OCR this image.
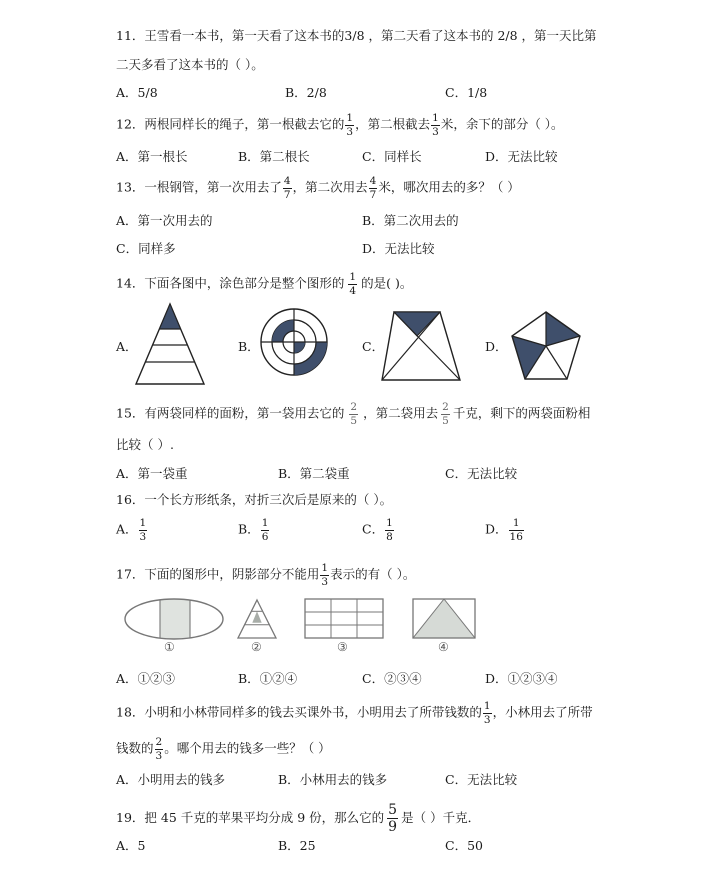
11．王雪看一本书，第一天看了这本书的3/8 ，第二天看了这本书的 2/8 ，第一天比第
二天多看了这本书的（ ）。
A．5/8	B．2/8	C．1/8
12．两根同样长的绳子，第一根截去它的 $\frac{1}{3}$ ，第二根截去 $\frac{1}{3}$ 米，余下的部分（ ）。
A．第一根长	B．第二根长	C．同样长	D．无法比较
13．一根钢管，第一次用去了 $\frac{4}{7}$ ，第二次用去 $\frac{4}{7}$ 米，哪次用去的多？（ ）
A．第一次用去的	B．第二次用去的
C．同样多	D．无法比较
14．下面各图中，涂色部分是整个图形的 $\frac{1}{4}$ 的是( )。
A．	B．	C．	D．
15．有两袋同样的面粉，第一袋用去它的 $\frac{2}{5}$ ，第二袋用去 $\frac{2}{5}$ 千克，剩下的两袋面粉相
比较（ ）.
A．第一袋重	B．第二袋重	C．无法比较
16．一个长方形纸条，对折三次后是原来的（ ）。
A． $\frac{1}{3}$	B． $\frac{1}{6}$	C． $\frac{1}{8}$	D． $\frac{1}{16}$
17．下面的图形中，阴影部分不能用 $\frac{1}{3}$ 表示的有（ ）。
①	②	③	④
A．①②③	B．①②④	C．②③④	D．①②③④
18．小明和小林带同样多的钱去买课外书，小明用去了所带钱数的 $\frac{1}{3}$ ，小林用去了所带
钱数的 $\frac{2}{3}$ 。哪个用去的钱多一些？（ ）
A．小明用去的钱多	B．小林用去的钱多	C．无法比较
19．把 45 千克的苹果平均分成 9 份，那么它的 $\frac{5}{9}$ 是（ ）千克．
A．5	B．25	C．50
